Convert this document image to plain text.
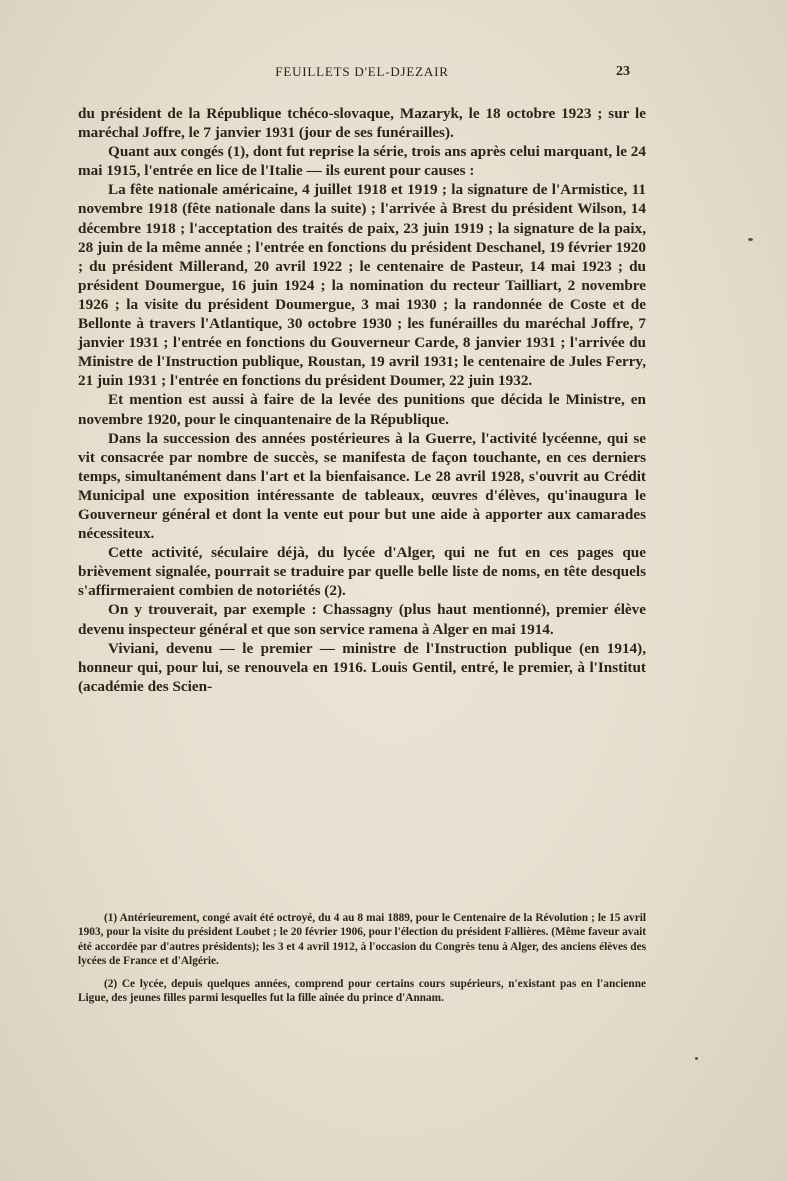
FEUILLETS D'EL-DJEZAIR	23

du président de la République tchéco-slovaque, Mazaryk, le 18 octobre 1923 ; sur le maréchal Joffre, le 7 janvier 1931 (jour de ses funérailles).

Quant aux congés (1), dont fut reprise la série, trois ans après celui marquant, le 24 mai 1915, l'entrée en lice de l'Italie — ils eurent pour causes :

La fête nationale américaine, 4 juillet 1918 et 1919 ; la signature de l'Armistice, 11 novembre 1918 (fête nationale dans la suite) ; l'arrivée à Brest du président Wilson, 14 décembre 1918 ; l'acceptation des traités de paix, 23 juin 1919 ; la signature de la paix, 28 juin de la même année ; l'entrée en fonctions du président Deschanel, 19 février 1920 ; du président Millerand, 20 avril 1922 ; le centenaire de Pasteur, 14 mai 1923 ; du président Doumergue, 16 juin 1924 ; la nomination du recteur Tailliart, 2 novembre 1926 ; la visite du président Doumergue, 3 mai 1930 ; la randonnée de Coste et de Bellonte à travers l'Atlantique, 30 octobre 1930 ; les funérailles du maréchal Joffre, 7 janvier 1931 ; l'entrée en fonctions du Gouverneur Carde, 8 janvier 1931 ; l'arrivée du Ministre de l'Instruction publique, Roustan, 19 avril 1931; le centenaire de Jules Ferry, 21 juin 1931 ; l'entrée en fonctions du président Doumer, 22 juin 1932.

Et mention est aussi à faire de la levée des punitions que décida le Ministre, en novembre 1920, pour le cinquantenaire de la République.

Dans la succession des années postérieures à la Guerre, l'activité lycéenne, qui se vit consacrée par nombre de succès, se manifesta de façon touchante, en ces derniers temps, simultanément dans l'art et la bienfaisance. Le 28 avril 1928, s'ouvrit au Crédit Municipal une exposition intéressante de tableaux, œuvres d'élèves, qu'inaugura le Gouverneur général et dont la vente eut pour but une aide à apporter aux camarades nécessiteux.

Cette activité, séculaire déjà, du lycée d'Alger, qui ne fut en ces pages que brièvement signalée, pourrait se traduire par quelle belle liste de noms, en tête desquels s'affirmeraient combien de notoriétés (2).

On y trouverait, par exemple : Chassagny (plus haut mentionné), premier élève devenu inspecteur général et que son service ramena à Alger en mai 1914.

Viviani, devenu — le premier — ministre de l'Instruction publique (en 1914), honneur qui, pour lui, se renouvela en 1916. Louis Gentil, entré, le premier, à l'Institut (académie des Scien-

(1) Antérieurement, congé avait été octroyé, du 4 au 8 mai 1889, pour le Centenaire de la Révolution ; le 15 avril 1903, pour la visite du président Loubet ; le 20 février 1906, pour l'élection du président Fallières. (Même faveur avait été accordée par d'autres présidents); les 3 et 4 avril 1912, à l'occasion du Congrès tenu à Alger, des anciens élèves des lycées de France et d'Algérie.

(2) Ce lycée, depuis quelques années, comprend pour certains cours supérieurs, n'existant pas en l'ancienne Ligue, des jeunes filles parmi lesquelles fut la fille aînée du prince d'Annam.
